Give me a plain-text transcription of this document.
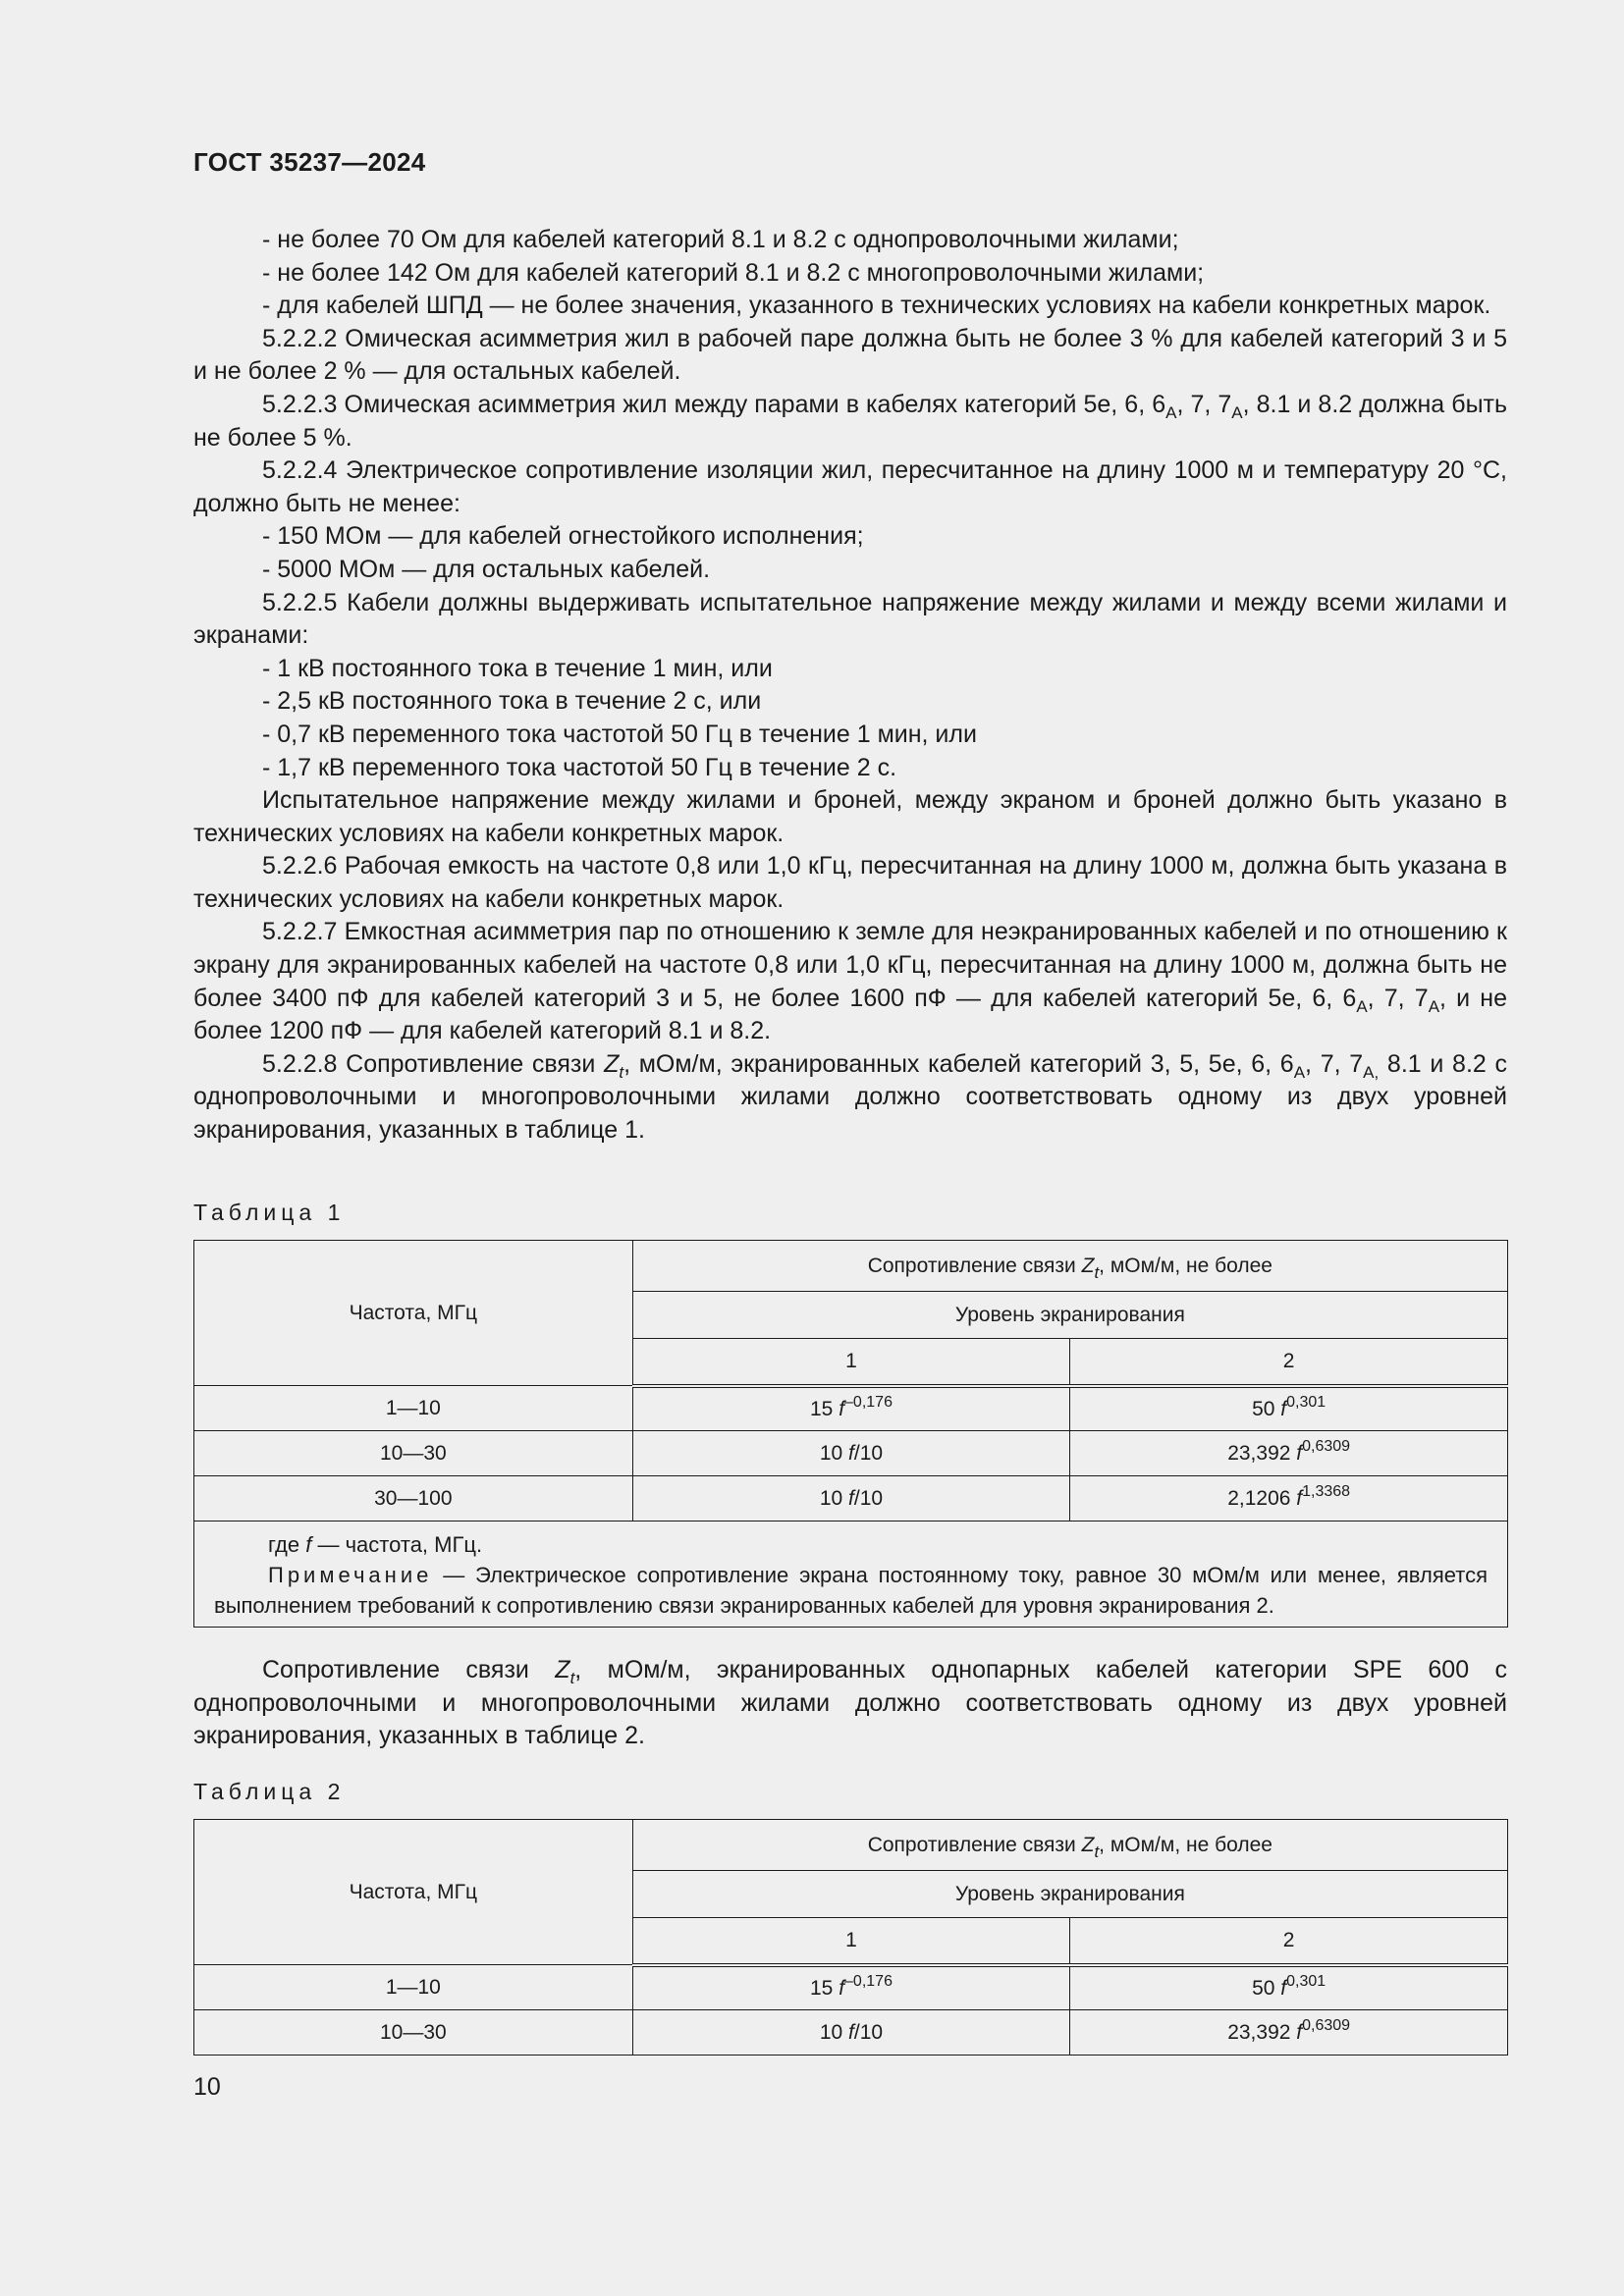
ГОСТ 35237—2024

- не более 70 Ом для кабелей категорий 8.1 и 8.2 с однопроволочными жилами;

- не более 142 Ом для кабелей категорий 8.1 и 8.2 с многопроволочными жилами;

- для кабелей ШПД — не более значения, указанного в технических условиях на кабели конкретных марок.

5.2.2.2 Омическая асимметрия жил в рабочей паре должна быть не более 3 % для кабелей категорий 3 и 5 и не более 2 % — для остальных кабелей.

5.2.2.3 Омическая асимметрия жил между парами в кабелях категорий 5е, 6, $6_A$, 7, $7_A$, 8.1 и 8.2 должна быть не более 5 %.

5.2.2.4 Электрическое сопротивление изоляции жил, пересчитанное на длину 1000 м и температуру 20 °С, должно быть не менее:

- 150 МОм — для кабелей огнестойкого исполнения;

- 5000 МОм — для остальных кабелей.

5.2.2.5 Кабели должны выдерживать испытательное напряжение между жилами и между всеми жилами и экранами:

- 1 кВ постоянного тока в течение 1 мин, или

- 2,5 кВ постоянного тока в течение 2 с, или

- 0,7 кВ переменного тока частотой 50 Гц в течение 1 мин, или

- 1,7 кВ переменного тока частотой 50 Гц в течение 2 с.

Испытательное напряжение между жилами и броней, между экраном и броней должно быть указано в технических условиях на кабели конкретных марок.

5.2.2.6 Рабочая емкость на частоте 0,8 или 1,0 кГц, пересчитанная на длину 1000 м, должна быть указана в технических условиях на кабели конкретных марок.

5.2.2.7 Емкостная асимметрия пар по отношению к земле для неэкранированных кабелей и по отношению к экрану для экранированных кабелей на частоте 0,8 или 1,0 кГц, пересчитанная на длину 1000 м, должна быть не более 3400 пФ для кабелей категорий 3 и 5, не более 1600 пФ — для кабелей категорий 5е, 6, $6_A$, 7, $7_A$, и не более 1200 пФ — для кабелей категорий 8.1 и 8.2.

5.2.2.8 Сопротивление связи $Z_t$, мОм/м, экранированных кабелей категорий 3, 5, 5е, 6, $6_A$, 7, $7_{A,}$ 8.1 и 8.2 с однопроволочными и многопроволочными жилами должно соответствовать одному из двух уровней экранирования, указанных в таблице 1.

Таблица 1
Частота, МГц	Сопротивление связи $Z_t$, мОм/м, не более	
	Уровень экранирования	
	1	2
1—10	15 $f^{-0,176}$	50 $f^{0,301}$
10—30	10 f/10	23,392 $f^{0,6309}$
30—100	10 f/10	2,1206 $f^{1,3368}$

где f — частота, МГц.
Примечание — Электрическое сопротивление экрана постоянному току, равное 30 мОм/м или менее, является выполнением требований к сопротивлению связи экранированных кабелей для уровня экранирования 2.		

Сопротивление связи $Z_t$, мОм/м, экранированных однопарных кабелей категории SPE 600 с однопроволочными и многопроволочными жилами должно соответствовать одному из двух уровней экранирования, указанных в таблице 2.

Таблица 2
Частота, МГц	Сопротивление связи $Z_t$, мОм/м, не более	
	Уровень экранирования	
	1	2
1—10	15 $f^{-0,176}$	50 $f^{0,301}$
10—30	10 f/10	23,392 $f^{0,6309}$
10
